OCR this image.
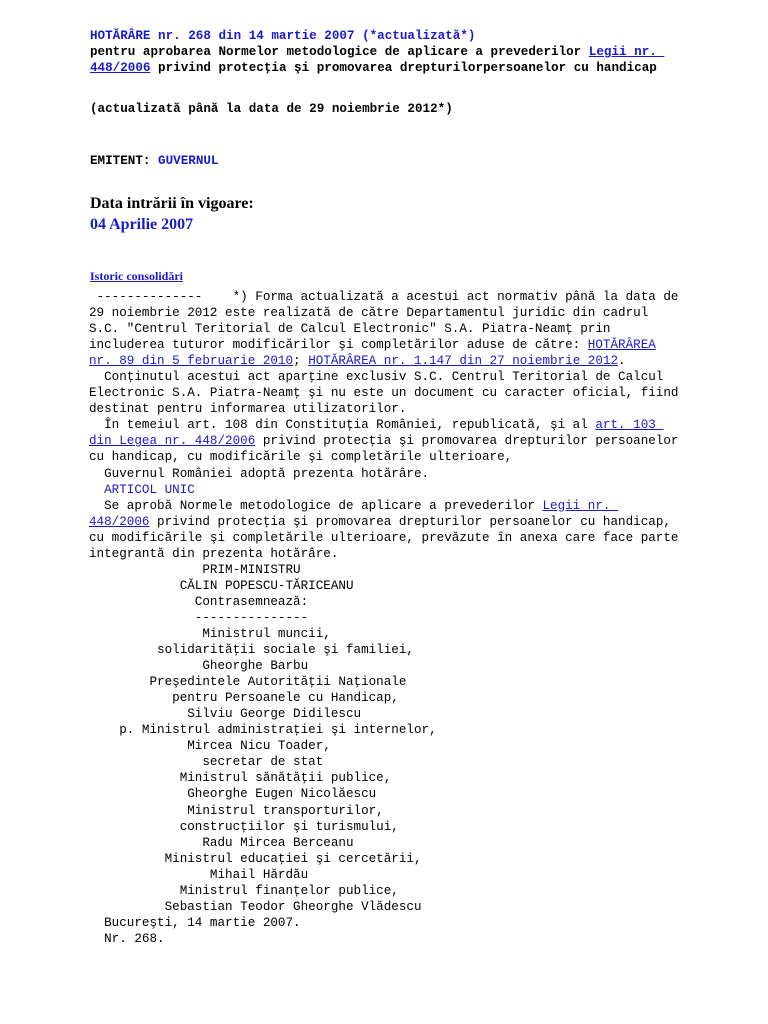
HOTĂRÂRE nr. 268 din 14 martie 2007 (*actualizată*)
pentru aprobarea Normelor metodologice de aplicare a prevederilor Legii nr.
448/2006 privind protecţia şi promovarea drepturilorpersoanelor cu handicap
(actualizată până la data de 29 noiembrie 2012*)
EMITENT: GUVERNUL
Data intrării în vigoare:
04 Aprilie 2007
Istoric consolidări
--------------    *) Forma actualizată a acestui act normativ până la data de
29 noiembrie 2012 este realizată de către Departamentul juridic din cadrul
S.C. "Centrul Teritorial de Calcul Electronic" S.A. Piatra-Neamţ prin
includerea tuturor modificărilor şi completărilor aduse de către: HOTĂRÂREA
nr. 89 din 5 februarie 2010; HOTĂRÂREA nr. 1.147 din 27 noiembrie 2012.
Conţinutul acestui act aparţine exclusiv S.C. Centrul Teritorial de Calcul
Electronic S.A. Piatra-Neamţ şi nu este un document cu caracter oficial, fiind
destinat pentru informarea utilizatorilor.
În temeiul art. 108 din Constituţia României, republicată, şi al art. 103
din Legea nr. 448/2006 privind protecţia şi promovarea drepturilor persoanelor
cu handicap, cu modificările şi completările ulterioare,
Guvernul României adoptă prezenta hotărâre.
ARTICOL UNIC
Se aprobă Normele metodologice de aplicare a prevederilor Legii nr.
448/2006 privind protecţia şi promovarea drepturilor persoanelor cu handicap,
cu modificările şi completările ulterioare, prevăzute în anexa care face parte
integrantă din prezenta hotărâre.
PRIM-MINISTRU
CĂLIN POPESCU-TĂRICEANU
Contrasemnează:
---------------
Ministrul muncii,
solidarităţii sociale şi familiei,
Gheorghe Barbu
Preşedintele Autorităţii Naţionale
pentru Persoanele cu Handicap,
Silviu George Didilescu
p. Ministrul administraţiei şi internelor,
Mircea Nicu Toader,
secretar de stat
Ministrul sănătăţii publice,
Gheorghe Eugen Nicolăescu
Ministrul transporturilor,
construcţiilor şi turismului,
Radu Mircea Berceanu
Ministrul educaţiei şi cercetării,
Mihail Hărdău
Ministrul finanţelor publice,
Sebastian Teodor Gheorghe Vlădescu
Bucureşti, 14 martie 2007.
Nr. 268.
